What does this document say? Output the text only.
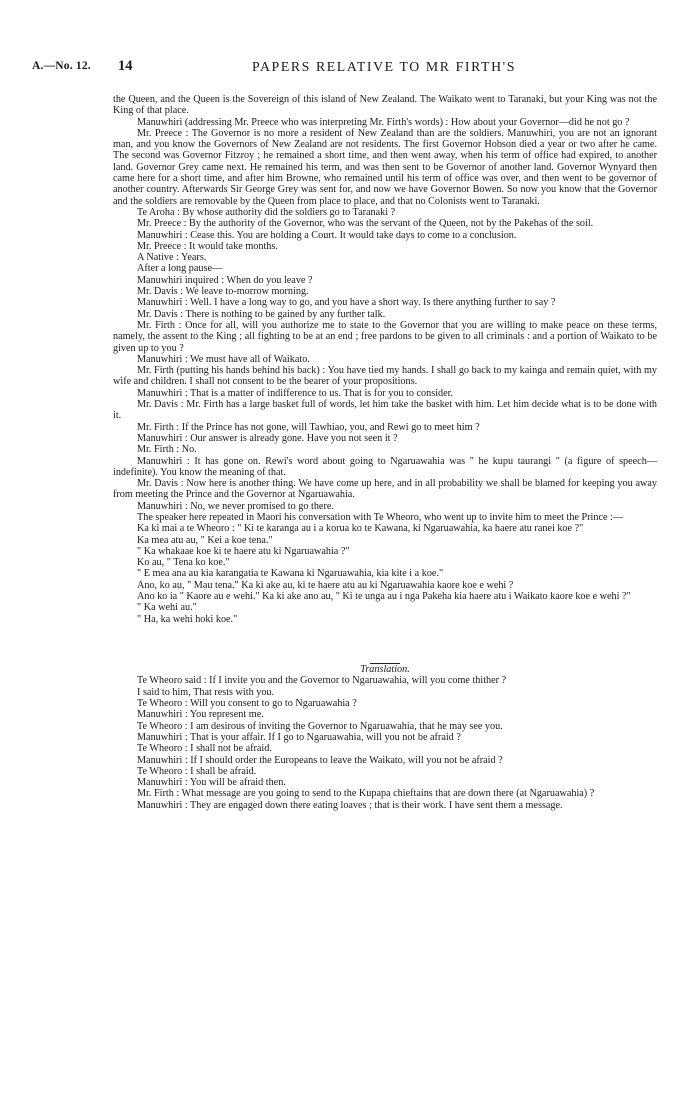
A.—No. 12. 14	PAPERS RELATIVE TO MR FIRTH'S

the Queen, and the Queen is the Sovereign of this island of New Zealand. The Waikato went to Taranaki, but your King was not the King of that place.

Manuwhiri (addressing Mr. Preece who was interpreting Mr. Firth's words) : How about your Governor—did he not go ?

Mr. Preece : The Governor is no more a resident of New Zealand than are the soldiers. Manuwhiri, you are not an ignorant man, and you know the Governors of New Zealand are not residents. The first Governor Hobson died a year or two after he came. The second was Governor Fitzroy ; he remained a short time, and then went away, when his term of office had expired, to another land. Governor Grey came next. He remained his term, and was then sent to be Governor of another land. Governor Wynyard then came here for a short time, and after him Browne, who remained until his term of office was over, and then went to be governor of another country. Afterwards Sir George Grey was sent for, and now we have Governor Bowen. So now you know that the Governor and the soldiers are removable by the Queen from place to place, and that no Colonists went to Taranaki.

Te Aroha : By whose authority did the soldiers go to Taranaki ?

Mr. Preece : By the authority of the Governor, who was the servant of the Queen, not by the Pakehas of the soil.

Manuwhiri : Cease this. You are holding a Court. It would take days to come to a conclusion.

Mr. Preece : It would take months.

A Native : Years.

After a long pause—

Manuwhiri inquired : When do you leave ?

Mr. Davis : We leave to-morrow morning.

Manuwhiri : Well. I have a long way to go, and you have a short way. Is there anything further to say ?

Mr. Davis : There is nothing to be gained by any further talk.

Mr. Firth : Once for all, will you authorize me to state to the Governor that you are willing to make peace on these terms, namely, the assent to the King ; all fighting to be at an end ; free pardons to be given to all criminals : and a portion of Waikato to be given up to you ?

Manuwhiri : We must have all of Waikato.

Mr. Firth (putting his hands behind his back) : You have tied my hands. I shall go back to my kainga and remain quiet, with my wife and children. I shall not consent to be the bearer of your propositions.

Manuwhiri : That is a matter of indifference to us. That is for you to consider.

Mr. Davis : Mr. Firth has a large basket full of words, let him take the basket with him. Let him decide what is to be done with it.

Mr. Firth : If the Prince has not gone, will Tawhiao, you, and Rewi go to meet him ?

Manuwhiri : Our answer is already gone. Have you not seen it ?

Mr. Firth : No.

Manuwhiri : It has gone on. Rewi's word about going to Ngaruawahia was " he kupu taurangi " (a figure of speech—indefinite). You know the meaning of that.

Mr. Davis : Now here is another thing. We have come up here, and in all probability we shall be blamed for keeping you away from meeting the Prince and the Governor at Ngaruawahia.

Manuwhiri : No, we never promised to go there.

The speaker here repeated in Maori his conversation with Te Wheoro, who went up to invite him to meet the Prince :—

Ka ki mai a te Wheoro : " Ki te karanga au i a korua ko te Kawana, ki Ngaruawahia, ka haere atu ranei koe ?"

Ka mea atu au, " Kei a koe tena."

" Ka whakaae koe ki te haere atu ki Ngaruawahia ?"

Ko au, " Tena ko koe."

" E mea ana au kia karangatia te Kawana ki Ngaruawahia, kia kite i a koe."

Ano, ko au, " Mau tena." Ka ki ake au, ki te haere atu au ki Ngaruawahia kaore koe e wehi ?

Ano ko ia " Kaore au e wehi." Ka ki ake ano au, " Ki te unga au i nga Pakeha kia haere atu i Waikato kaore koe e wehi ?"

" Ka wehi au."

" Ha, ka wehi hoki koe."

Translation.

Te Wheoro said : If I invite you and the Governor to Ngaruawahia, will you come thither ?

I said to him, That rests with you.

Te Wheoro : Will you consent to go to Ngaruawahia ?

Manuwhiri : You represent me.

Te Wheoro : I am desirous of inviting the Governor to Ngaruawahia, that he may see you.

Manuwhiri : That is your affair. If I go to Ngaruawahia, will you not be afraid ?

Te Wheoro : I shall not be afraid.

Manuwhiri : If I should order the Europeans to leave the Waikato, will you not be afraid ?

Te Wheoro : I shall be afraid.

Manuwhiri : You will be afraid then.

Mr. Firth : What message are you going to send to the Kupapa chieftains that are down there (at Ngaruawahia) ?

Manuwhiri : They are engaged down there eating loaves ; that is their work. I have sent them a message.
